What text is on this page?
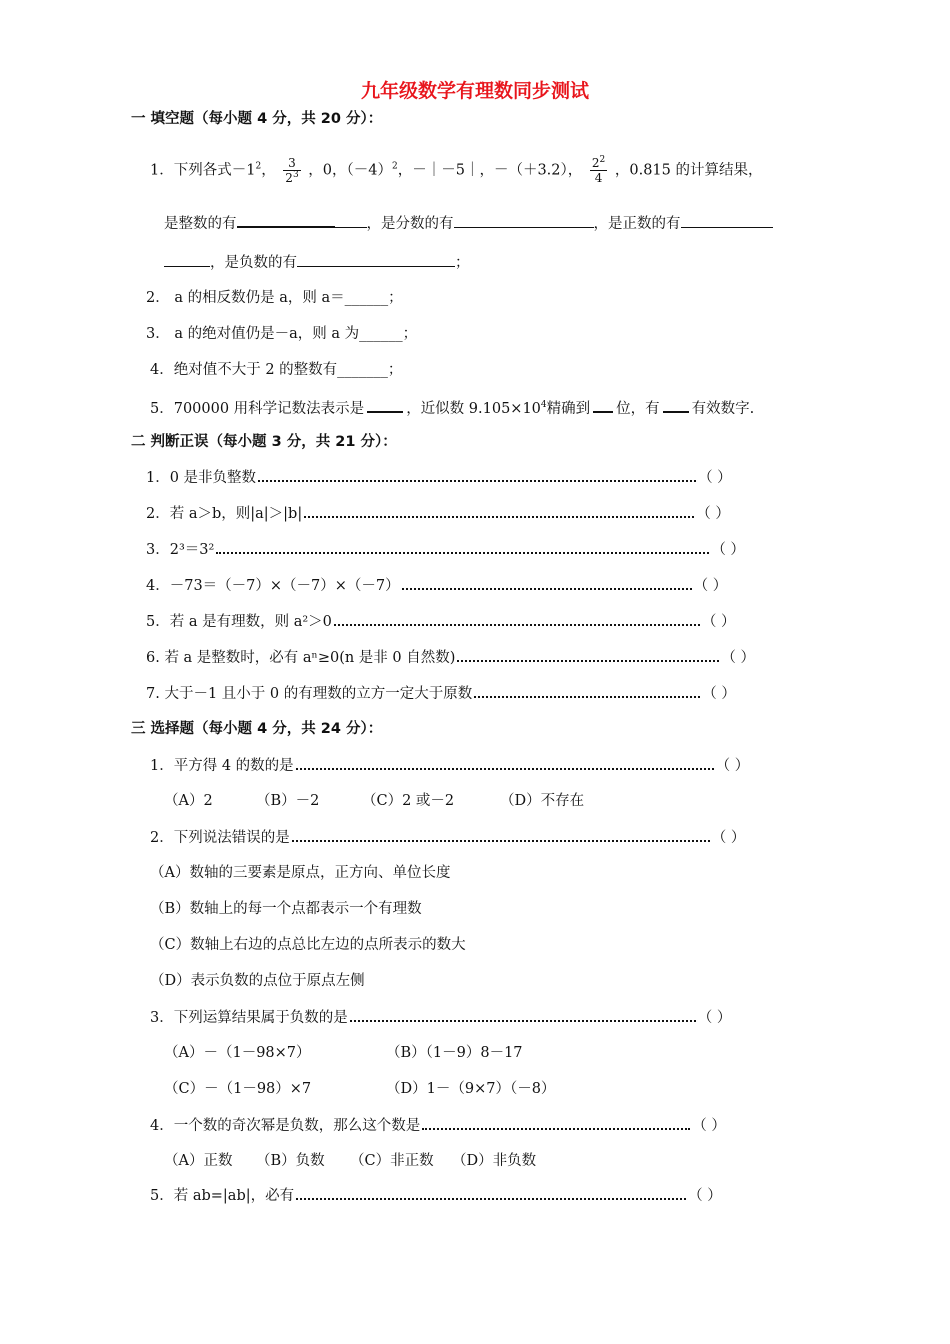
九年级数学有理数同步测试
一 填空题（每小题 4 分，共 20 分）：
1．下列各式$-1^2$， $\frac{3}{2^3}$ ，0，$(-4)^2$，－｜－5｜，－（＋3.2）， $\frac{2^2}{4}$ ，0.815 的计算结果，
是整数的有	，是分数的有	，是正数的有
，是负数的有	；
2． a 的相反数仍是 a，则 a＝______；
3． a 的绝对值仍是－a，则 a 为______；
4．绝对值不大于 2 的整数有_______；
5．700000 用科学记数法表示是	，近似数 $9.105\times 10^4$精确到 位，有 有效数字.
二 判断正误（每小题 3 分，共 21 分）：
1．0 是非负整数	（ ）
2．若 a＞b，则|a|＞|b|	（ ）
3．2³＝3²	（ ）
4．－73＝（－7）×（－7）×（－7）	（ ）
5．若 a 是有理数，则 a²＞0	（ ）
6. 若 a 是整数时，必有 aⁿ≥0(n 是非 0 自然数)	（ ）
7. 大于－1 且小于 0 的有理数的立方一定大于原数	（ ）
三 选择题（每小题 4 分，共 24 分）：
1．平方得 4 的数的是	（ ）
（A）2	（B）－2	（C）2 或－2	（D）不存在
2．下列说法错误的是	（ ）
（A）数轴的三要素是原点，正方向、单位长度
（B）数轴上的每一个点都表示一个有理数
（C）数轴上右边的点总比左边的点所表示的数大
（D）表示负数的点位于原点左侧
3．下列运算结果属于负数的是	（ ）
（A）－（1－98×7）	（B）（1－9）8－17
（C）－（1－98）×7	（D）1－（9×7）（－8）
4．一个数的奇次幂是负数，那么这个数是	（ ）
（A）正数 （B）负数 （C）非正数 （D）非负数
5．若 ab=|ab|，必有	（ ）
